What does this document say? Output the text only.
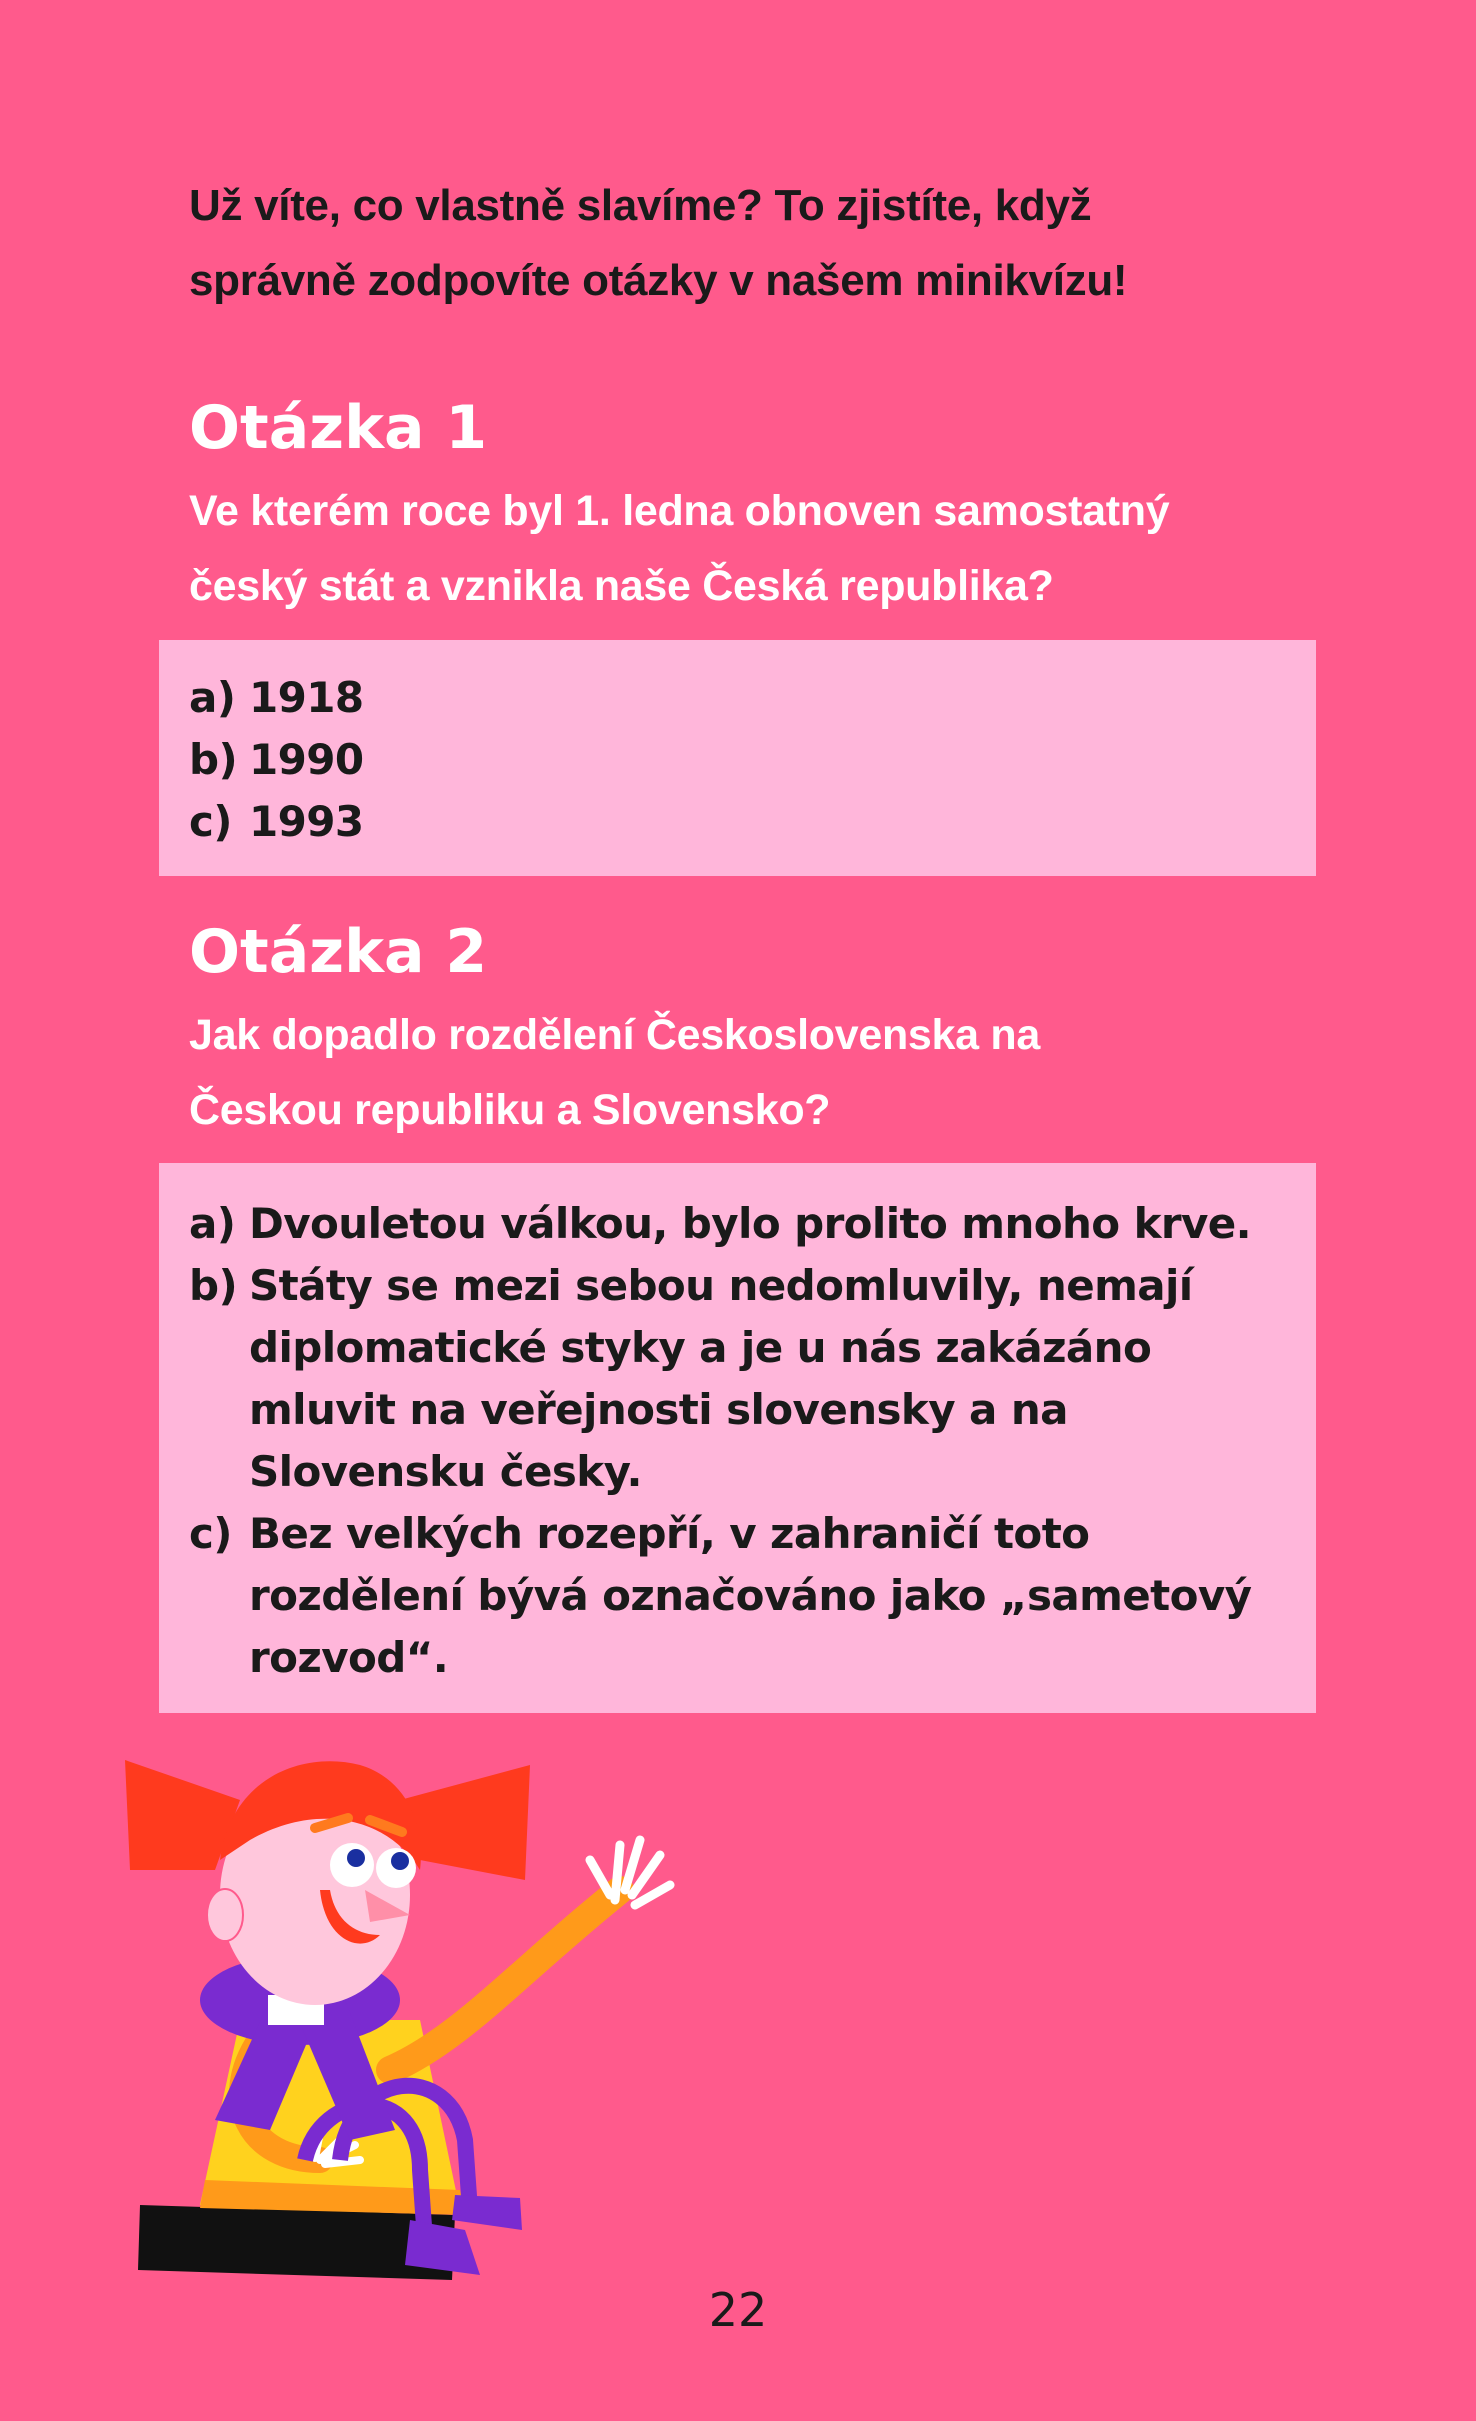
Už víte, co vlastně slavíme? To zjistíte, když
správně zodpovíte otázky v našem minikvízu!

Otázka 1

Ve kterém roce byl 1. ledna obnoven samostatný
český stát a vznikla naše Česká republika?

a) 1918
b) 1990
c) 1993
Otázka 2

Jak dopadlo rozdělení Československa na
Českou republiku a Slovensko?

a) Dvouletou válkou, bylo prolito mnoho krve.
b) Státy se mezi sebou nedomluvily, nemají diplomatické styky a je u nás zakázáno mluvit na veřejnosti slovensky a na Slovensku česky.
c) Bez velkých rozepří, v zahraničí toto rozdělení bývá označováno jako „sametový rozvod“.
22
